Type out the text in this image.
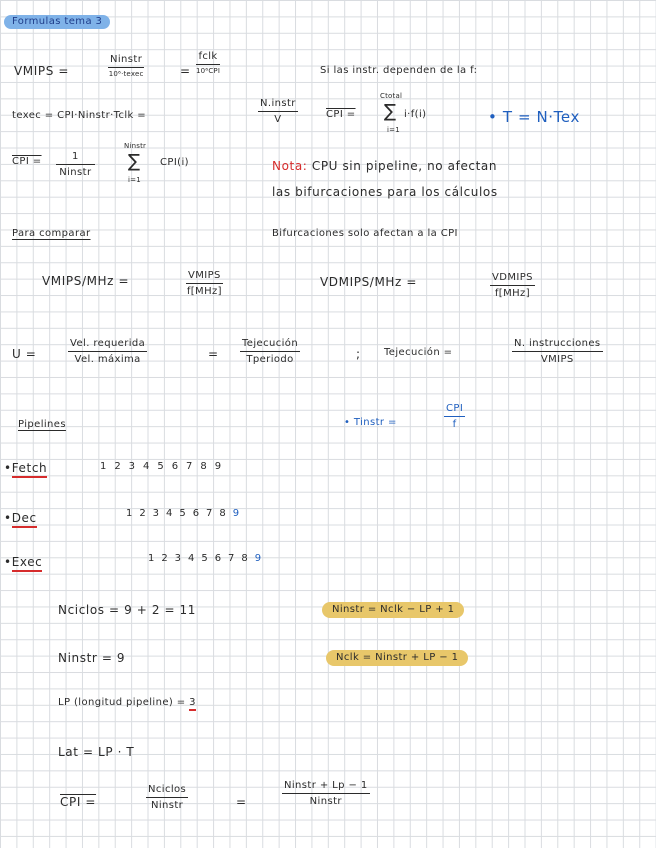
Formulas tema 3
VMIPS =
Ninstr
10⁶·texec	=
fclk
10⁶CPI	Si las instr. dependen de la f:
texec = CPI·Ninstr·Tclk =
N.instr
V	CPI =
Ctotal
∑
i=1
i·f(i)	• T = N·Tex
CPI =	1
Ninstr
Ninstr
∑
i=1
CPI(i)	Nota: CPU sin pipeline, no afectan
las bifurcaciones para los cálculos
Para comparar	Bifurcaciones solo afectan a la CPI
VMIPS/MHz =	VMIPS
f[MHz]
VDMIPS/MHz =	VDMIPS
f[MHz]
U =
Vel. requerida
Vel. máxima	=
Tejecución
Tperiodo	; Tejecución =
N. instrucciones
VMIPS
Pipelines	• Tinstr =
CPI
f
•Fetch	1 2 3 4 5 6 7 8 9
•Dec	1 2 3 4 5 6 7 8 9
•Exec	1 2 3 4 5 6 7 8 9
Nciclos = 9 + 2 = 11	Ninstr = Nclk − LP + 1
Ninstr = 9	Nclk = Ninstr + LP − 1
LP (longitud pipeline) = 3
Lat = LP · T
CPI =
Nciclos
Ninstr	=
Ninstr + Lp − 1
Ninstr
